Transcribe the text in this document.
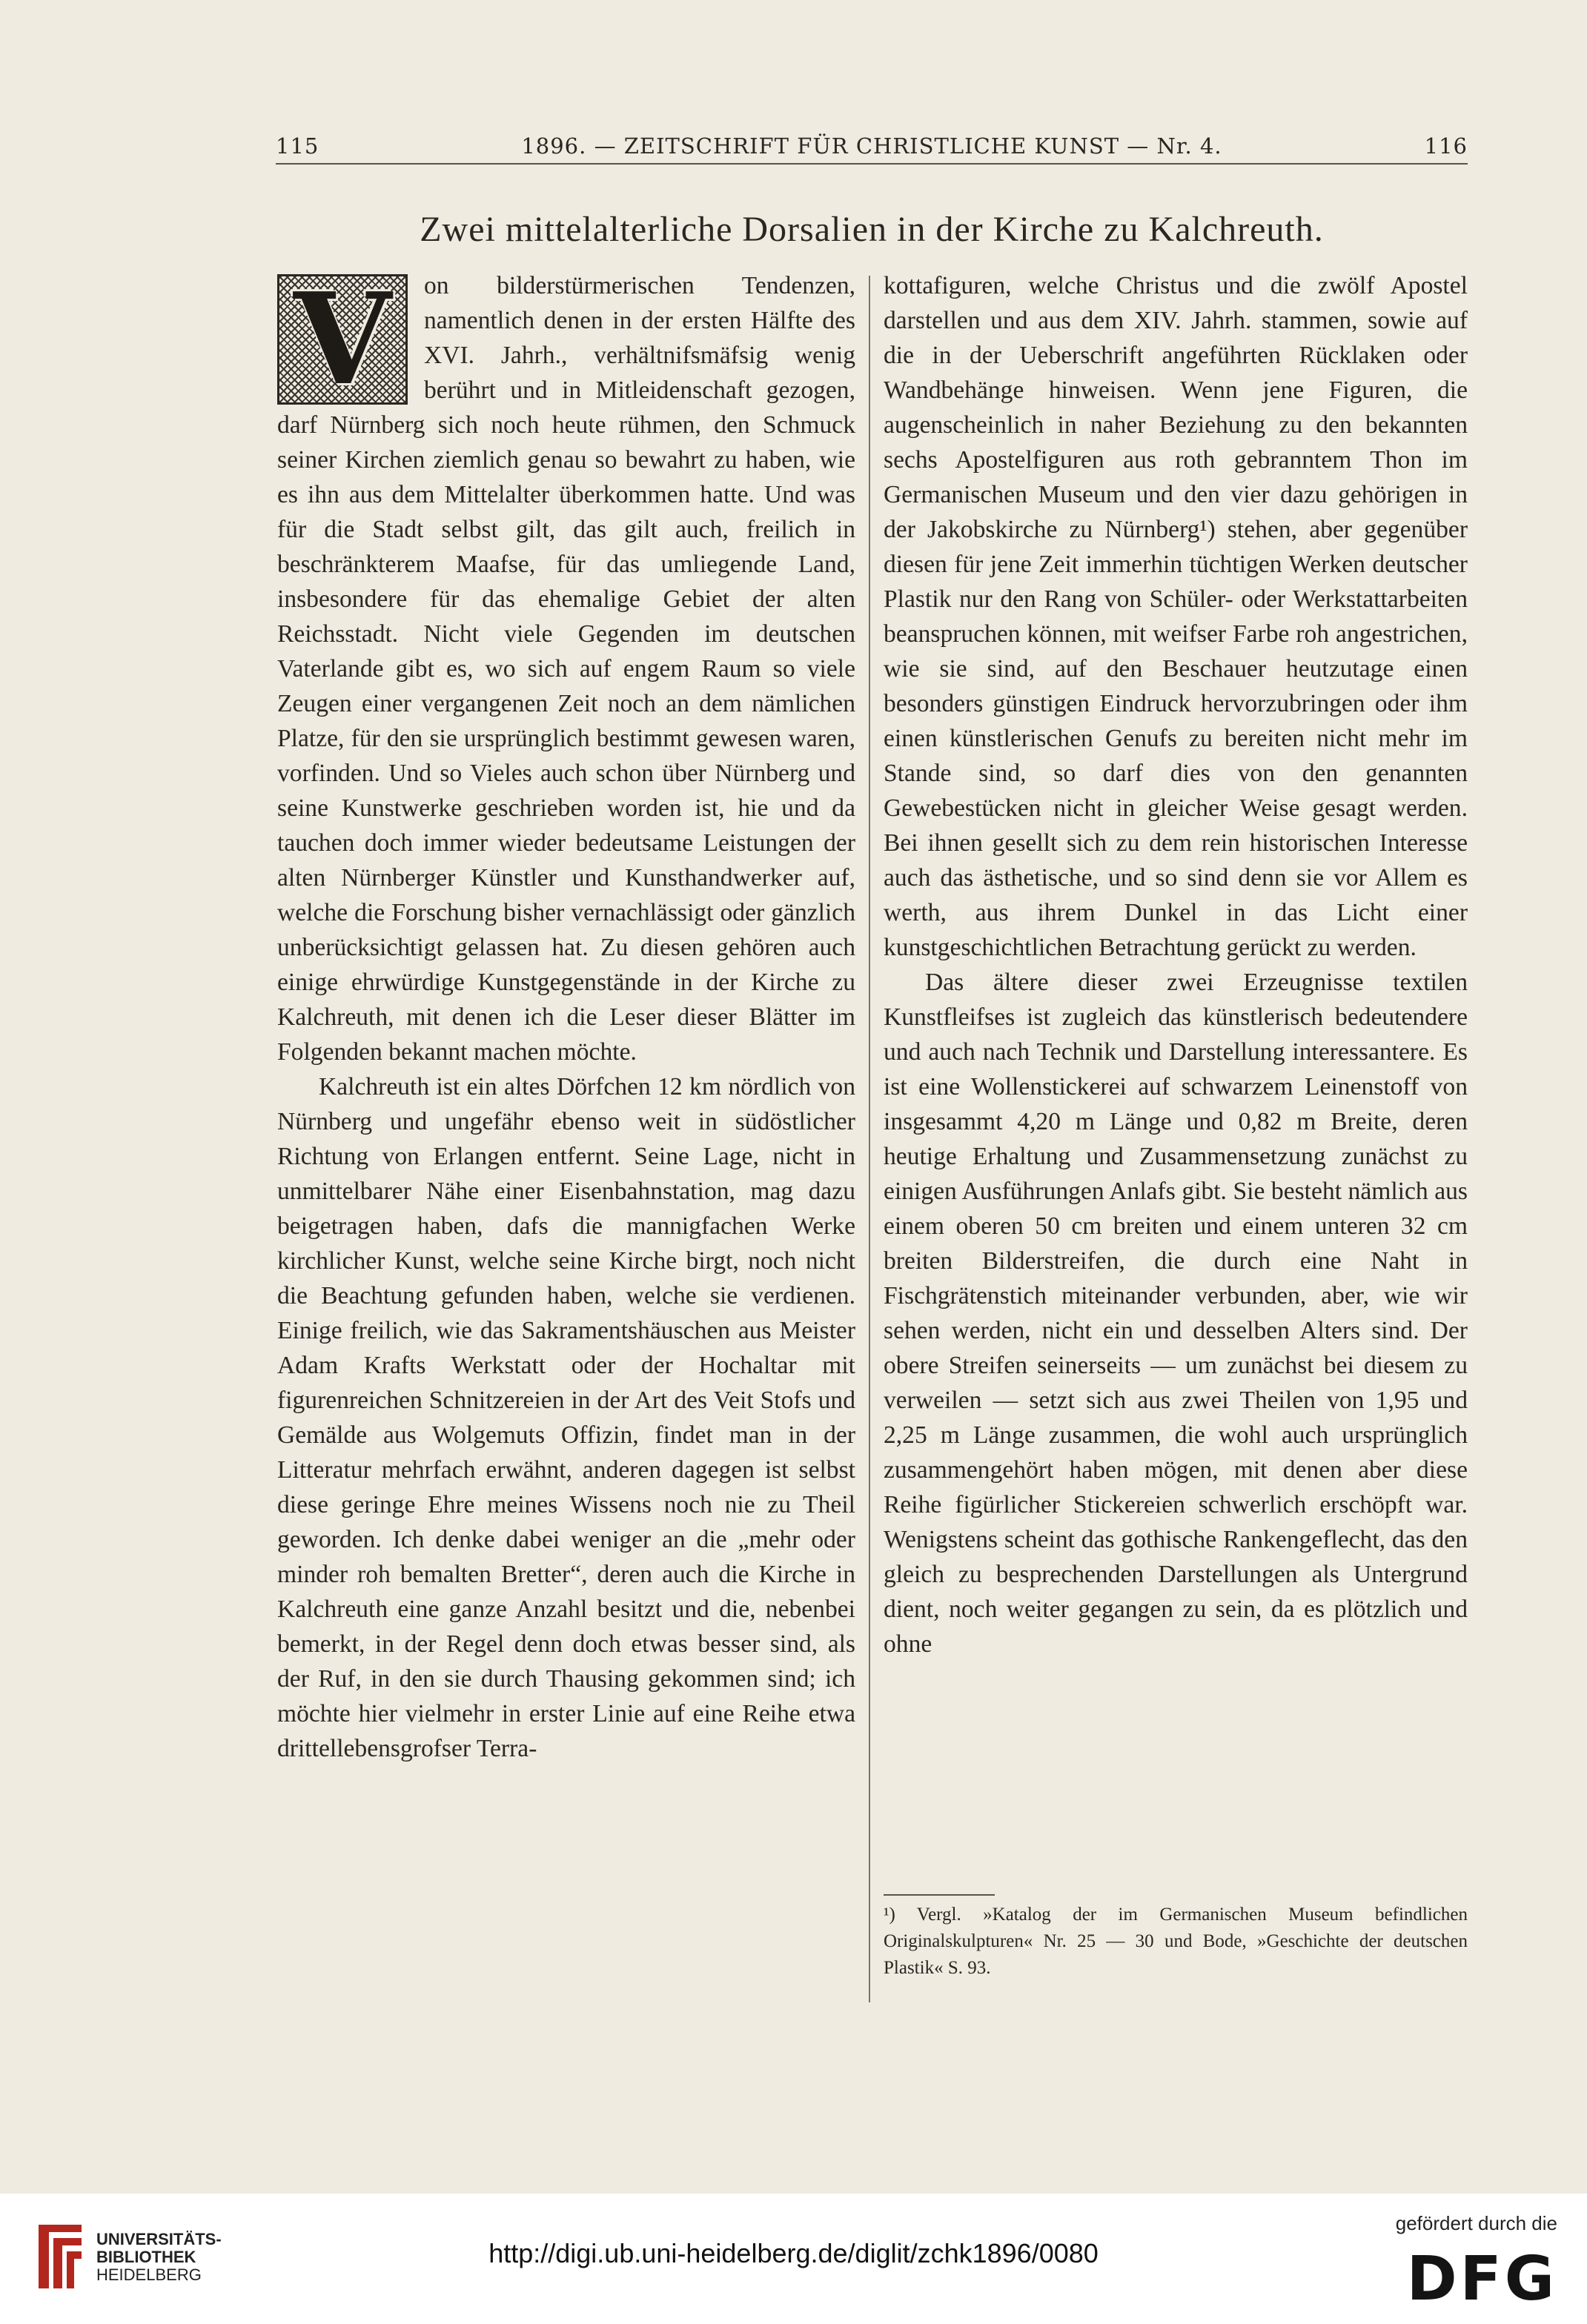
115	1896. — ZEITSCHRIFT FÜR CHRISTLICHE KUNST — Nr. 4.	116
Zwei mittelalterliche Dorsalien in der Kirche zu Kalchreuth.
V	on bilderstürmerischen Tendenzen, namentlich denen in der ersten Hälfte des XVI. Jahrh., verhältnifsmäfsig wenig berührt und in Mitleidenschaft gezogen, darf Nürnberg sich noch heute rühmen, den Schmuck seiner Kirchen ziemlich genau so bewahrt zu haben, wie es ihn aus dem Mittelalter überkommen hatte. Und was für die Stadt selbst gilt, das gilt auch, freilich in beschränkterem Maafse, für das umliegende Land, insbesondere für das ehemalige Gebiet der alten Reichsstadt. Nicht viele Gegenden im deutschen Vaterlande gibt es, wo sich auf engem Raum so viele Zeugen einer vergangenen Zeit noch an dem nämlichen Platze, für den sie ursprünglich bestimmt gewesen waren, vorfinden. Und so Vieles auch schon über Nürnberg und seine Kunstwerke geschrieben worden ist, hie und da tauchen doch immer wieder bedeutsame Leistungen der alten Nürnberger Künstler und Kunsthandwerker auf, welche die Forschung bisher vernachlässigt oder gänzlich unberücksichtigt gelassen hat. Zu diesen gehören auch einige ehrwürdige Kunstgegenstände in der Kirche zu Kalchreuth, mit denen ich die Leser dieser Blätter im Folgenden bekannt machen möchte.

Kalchreuth ist ein altes Dörfchen 12 km nördlich von Nürnberg und ungefähr ebenso weit in südöstlicher Richtung von Erlangen entfernt. Seine Lage, nicht in unmittelbarer Nähe einer Eisenbahnstation, mag dazu beigetragen haben, dafs die mannigfachen Werke kirchlicher Kunst, welche seine Kirche birgt, noch nicht die Beachtung gefunden haben, welche sie verdienen. Einige freilich, wie das Sakramentshäuschen aus Meister Adam Krafts Werkstatt oder der Hochaltar mit figurenreichen Schnitzereien in der Art des Veit Stofs und Gemälde aus Wolgemuts Offizin, findet man in der Litteratur mehrfach erwähnt, anderen dagegen ist selbst diese geringe Ehre meines Wissens noch nie zu Theil geworden. Ich denke dabei weniger an die „mehr oder minder roh bemalten Bretter“, deren auch die Kirche in Kalchreuth eine ganze Anzahl besitzt und die, nebenbei bemerkt, in der Regel denn doch etwas besser sind, als der Ruf, in den sie durch Thausing gekommen sind; ich möchte hier vielmehr in erster Linie auf eine Reihe etwa drittellebensgrofser Terra-

kottafiguren, welche Christus und die zwölf Apostel darstellen und aus dem XIV. Jahrh. stammen, sowie auf die in der Ueberschrift angeführten Rücklaken oder Wandbehänge hinweisen. Wenn jene Figuren, die augenscheinlich in naher Beziehung zu den bekannten sechs Apostelfiguren aus roth gebranntem Thon im Germanischen Museum und den vier dazu gehörigen in der Jakobskirche zu Nürnberg¹) stehen, aber gegenüber diesen für jene Zeit immerhin tüchtigen Werken deutscher Plastik nur den Rang von Schüler- oder Werkstattarbeiten beanspruchen können, mit weifser Farbe roh angestrichen, wie sie sind, auf den Beschauer heutzutage einen besonders günstigen Eindruck hervorzubringen oder ihm einen künstlerischen Genufs zu bereiten nicht mehr im Stande sind, so darf dies von den genannten Gewebestücken nicht in gleicher Weise gesagt werden. Bei ihnen gesellt sich zu dem rein historischen Interesse auch das ästhetische, und so sind denn sie vor Allem es werth, aus ihrem Dunkel in das Licht einer kunstgeschichtlichen Betrachtung gerückt zu werden.

Das ältere dieser zwei Erzeugnisse textilen Kunstfleifses ist zugleich das künstlerisch bedeutendere und auch nach Technik und Darstellung interessantere. Es ist eine Wollenstickerei auf schwarzem Leinenstoff von insgesammt 4,20 m Länge und 0,82 m Breite, deren heutige Erhaltung und Zusammensetzung zunächst zu einigen Ausführungen Anlafs gibt. Sie besteht nämlich aus einem oberen 50 cm breiten und einem unteren 32 cm breiten Bilderstreifen, die durch eine Naht in Fischgrätenstich miteinander verbunden, aber, wie wir sehen werden, nicht ein und desselben Alters sind. Der obere Streifen seinerseits — um zunächst bei diesem zu verweilen — setzt sich aus zwei Theilen von 1,95 und 2,25 m Länge zusammen, die wohl auch ursprünglich zusammengehört haben mögen, mit denen aber diese Reihe figürlicher Stickereien schwerlich erschöpft war. Wenigstens scheint das gothische Rankengeflecht, das den gleich zu besprechenden Darstellungen als Untergrund dient, noch weiter gegangen zu sein, da es plötzlich und ohne

¹) Vergl. »Katalog der im Germanischen Museum befindlichen Originalskulpturen« Nr. 25 — 30 und Bode, »Geschichte der deutschen Plastik« S. 93.
UNIVERSITÄTS-
BIBLIOTHEK
HEIDELBERG
http://digi.ub.uni-heidelberg.de/diglit/zchk1896/0080
gefördert durch die
DFG
